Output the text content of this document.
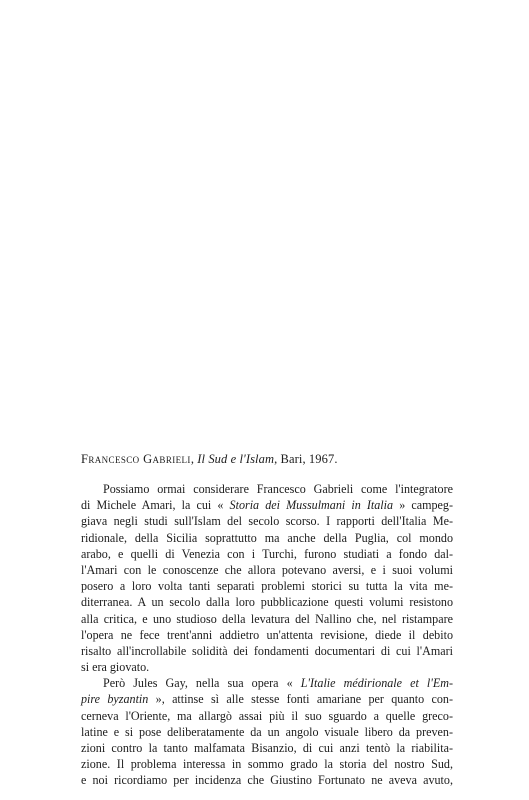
Francesco Gabrieli, Il Sud e l'Islam, Bari, 1967.
Possiamo ormai considerare Francesco Gabrieli come l'integratore
di Michele Amari, la cui « Storia dei Mussulmani in Italia » campeg-
giava negli studi sull'Islam del secolo scorso. I rapporti dell'Italia Me-
ridionale, della Sicilia soprattutto ma anche della Puglia, col mondo
arabo, e quelli di Venezia con i Turchi, furono studiati a fondo dal-
l'Amari con le conoscenze che allora potevano aversi, e i suoi volumi
posero a loro volta tanti separati problemi storici su tutta la vita me-
diterranea. A un secolo dalla loro pubblicazione questi volumi resistono
alla critica, e uno studioso della levatura del Nallino che, nel ristampare
l'opera ne fece trent'anni addietro un'attenta revisione, diede il debito
risalto all'incrollabile solidità dei fondamenti documentari di cui l'Amari
si era giovato.
Però Jules Gay, nella sua opera « L'Italie médirionale et l'Em-
pire byzantin », attinse sì alle stesse fonti amariane per quanto con-
cerneva l'Oriente, ma allargò assai più il suo sguardo a quelle greco-
latine e si pose deliberatamente da un angolo visuale libero da preven-
zioni contro la tanto malfamata Bisanzio, di cui anzi tentò la riabilita-
zione. Il problema interessa in sommo grado la storia del nostro Sud,
e noi ricordiamo per incidenza che Giustino Fortunato ne aveva avuto,
